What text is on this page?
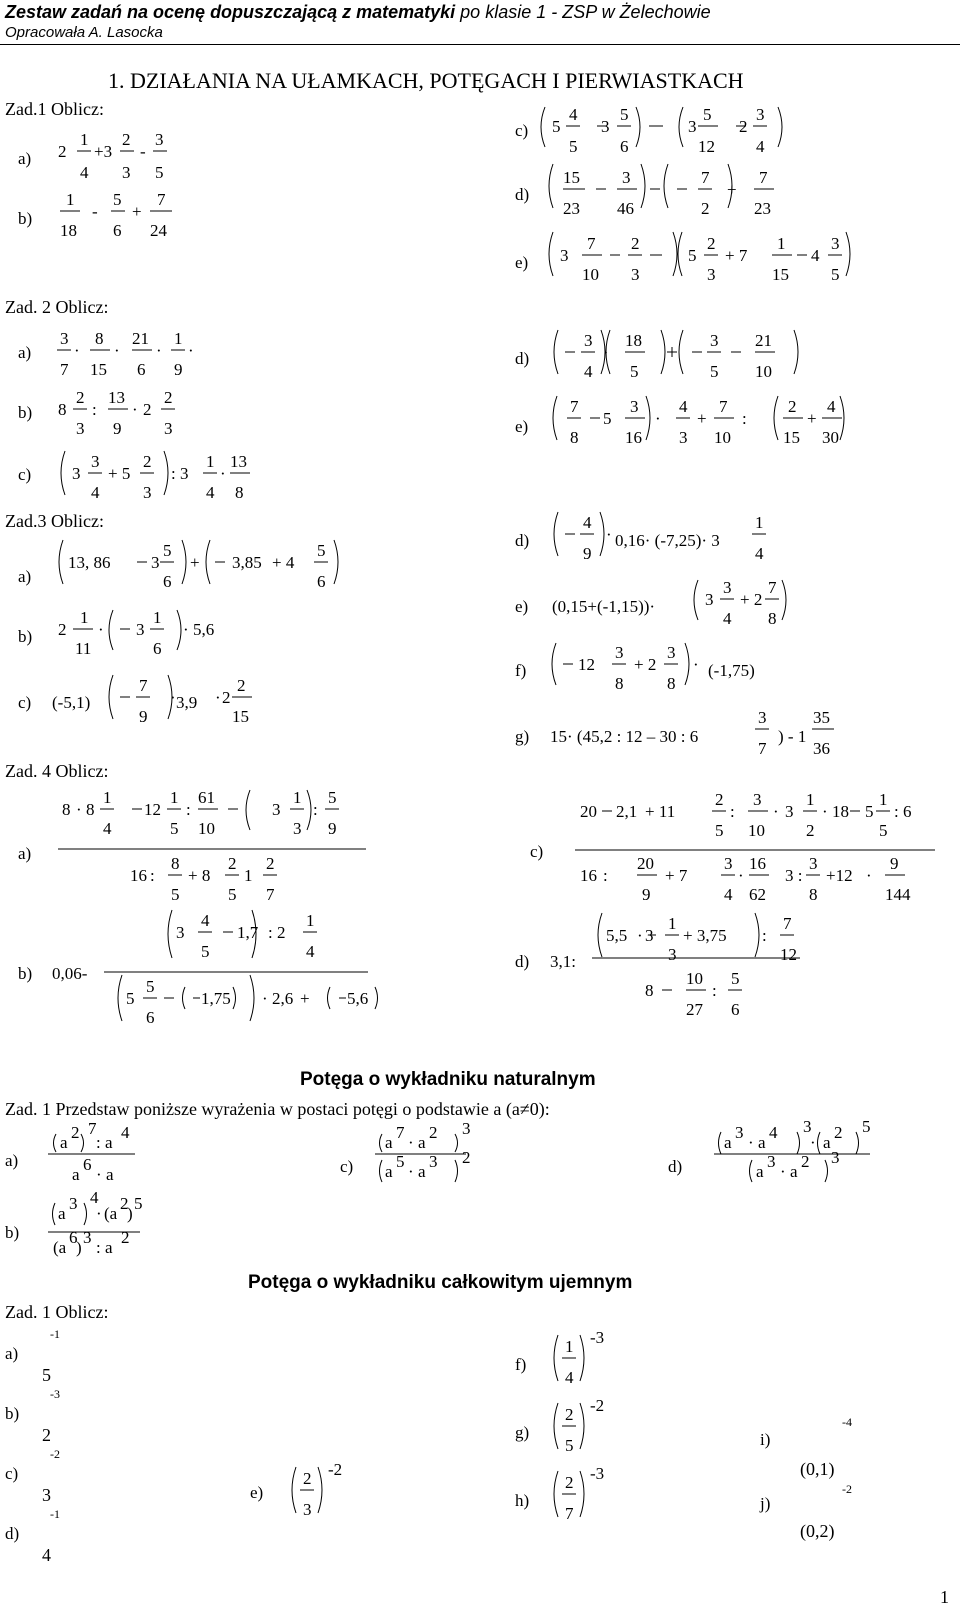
Zestaw zadań na ocenę dopuszczającą z matematyki po klasie 1 - ZSP w Żelechowie
Opracowała A. Lasocka
1. DZIAŁANIA NA UŁAMKACH, POTĘGACH I PIERWIASTKACH
Zad.1 Oblicz:
Zad. 2 Oblicz:
Zad.3 Oblicz:
Zad. 4 Oblicz:
a)
b)
a)
b)
c)
a)
b)
c)
a)
b)
c)
d)
e)
d)
e)
d)
e)
f)
g)
c)
d)
(-5,1)	3,9
0,16· (-7,25)· 3
(0,15+(-1,15))·
(-1,75)
15· (45,2 : 12 – 30 : 6	) - 1
0,06-
3,1:
2
1
4
+3
2
3
-
3
5
1
18
-
5
6
+
7
24
5
4
5
3
5
6
3
5
12
2
3
4
15
23
3
46
7
2
+
7
23
3
7
10
2
3
5
2
3
+ 7
1
15
4
3
5
3
7
·
8
15
·
21
6
·
1
9
·
8
2
3
:
13
9
· 2
2
3
3
3
4
+ 5
2
3
: 3
1
4
·
13
8
3
4
·
18
5
3
5
21
10
7
8
5
3
16
·
4
3
+
7
10
:
2
15
+
4
30
13, 86 3
5
6
+ 3,85 + 4
5
6
2
1
11
· 3
1
6
· 5,6
7
9
· · 2
2
15
4
9
·
1
4
3
3
4
+ 2
7
8
12
3
8
+ 2
3
8
·
3
7
35
36
8 · 8
1
4
12
1
5
:
61
10
3
1
3
:
5
9
16 :
8
5
+ 8
2
5
1
2
7
3
4
5
1,7 : 2
1
4
5
5
6
1,75 · 2,6 + 5,6
20 2,1 + 11
2
5
:
3
10
· 3
1
2
· 18 5
1
5
: 6
16 :
20
9
+ 7
3
4
·
16
62
3 :
3
8
+12 ·
9
144
5,5 · 3
1
3
+ 3,75 :
7
12
8
10
27
:
5
6
a
2 7
: a
4
a
6
· a
a
7
· a
2 3
a
5
· a
3 2
a
3
· a
4 3
· a
2 5
a
3
· a
2 3
a
3 4
· (a
2
)
5
(a
6
)
3
: a
2
a)	c)	d)
b)
1
4
-3
2
5
-2
2
7
-3
2
3
-2
f)
g)
h)
e)
i)
j)
Potęga o wykładniku naturalnym
Zad. 1 Przedstaw poniższe wyrażenia w postaci potęgi o podstawie a (a≠0):
Potęga o wykładniku całkowitym ujemnym
Zad. 1 Oblicz:
a)
-1
5
b)
-3
2
c)
-2
3
d)
-1
4
-4
(0,1)
-2
(0,2)
1
